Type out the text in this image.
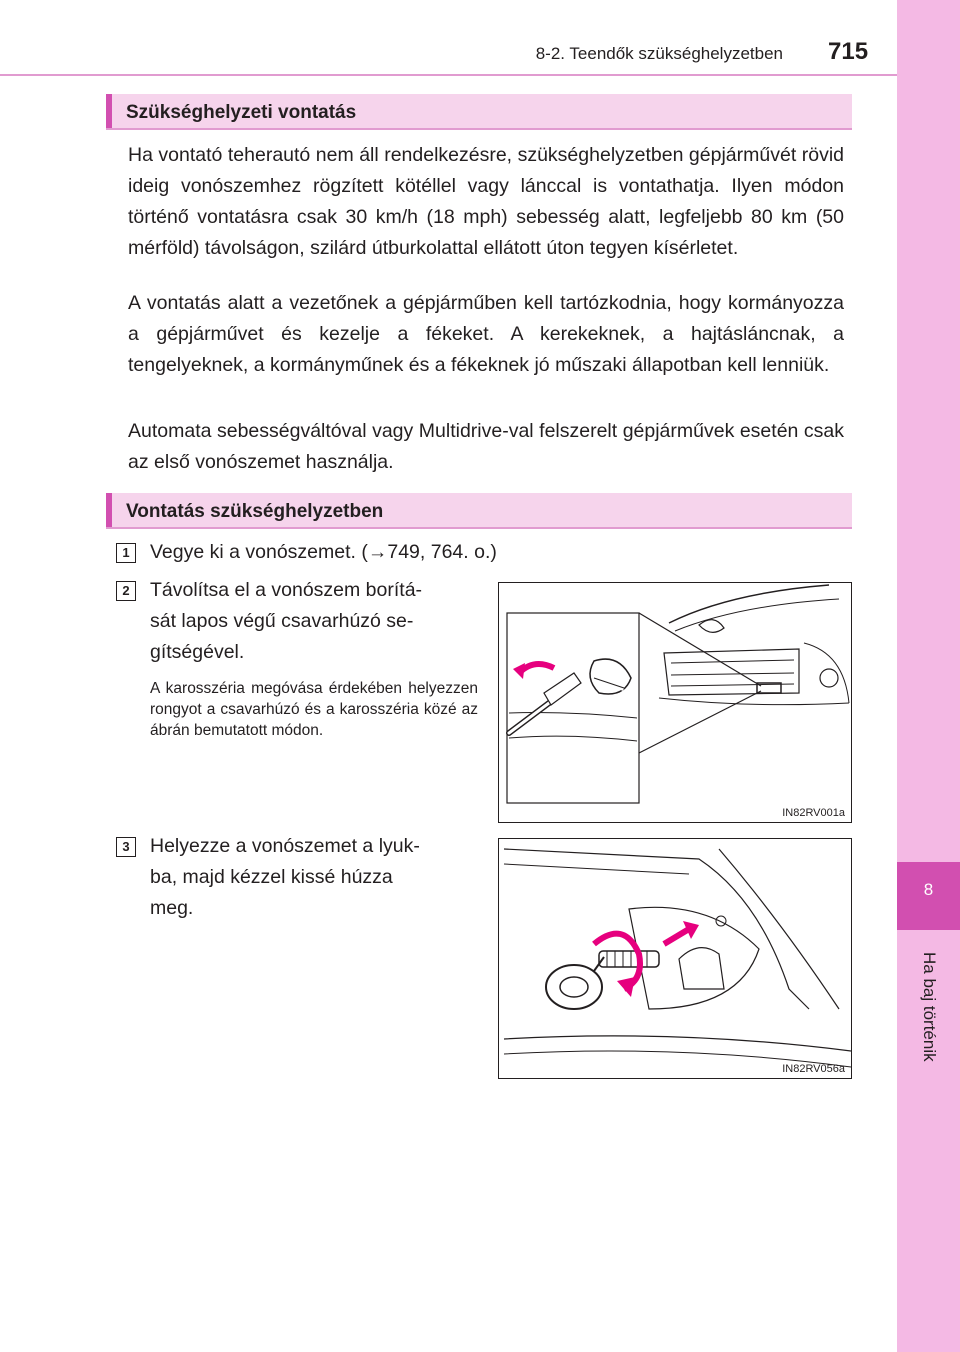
8
Ha baj történik
8-2. Teendők szükséghelyzetben 715
Szükséghelyzeti vontatás
Ha vontató teherautó nem áll rendelkezésre, szükséghelyzetben gépjárművét rövid ideig vonószemhez rögzített kötéllel vagy lánccal is vontathatja. Ilyen módon történő vontatásra csak 30 km/h (18 mph) sebesség alatt, legfeljebb 80 km (50 mérföld) távolságon, szilárd útburkolattal ellátott úton tegyen kísérletet.
A vontatás alatt a vezetőnek a gépjárműben kell tartózkodnia, hogy kormányozza a gépjárművet és kezelje a fékeket. A kerekeknek, a hajtásláncnak, a tengelyeknek, a kormányműnek és a fékeknek jó műszaki állapotban kell lenniük.
Automata sebességváltóval vagy Multidrive-val felszerelt gépjárművek esetén csak az első vonószemet használja.
Vontatás szükséghelyzetben
1	Vegye ki a vonószemet. (→749, 764. o.)
2	Távolítsa el a vonószem borítá-
sát lapos végű csavarhúzó se-
gítségével.
A karosszéria megóvása érdekében helyezzen rongyot a csavarhúzó és a karosszéria közé az ábrán bemutatott módon.
IN82RV001a
3	Helyezze a vonószemet a lyuk-
ba, majd kézzel kissé húzza
meg.
IN82RV056a
